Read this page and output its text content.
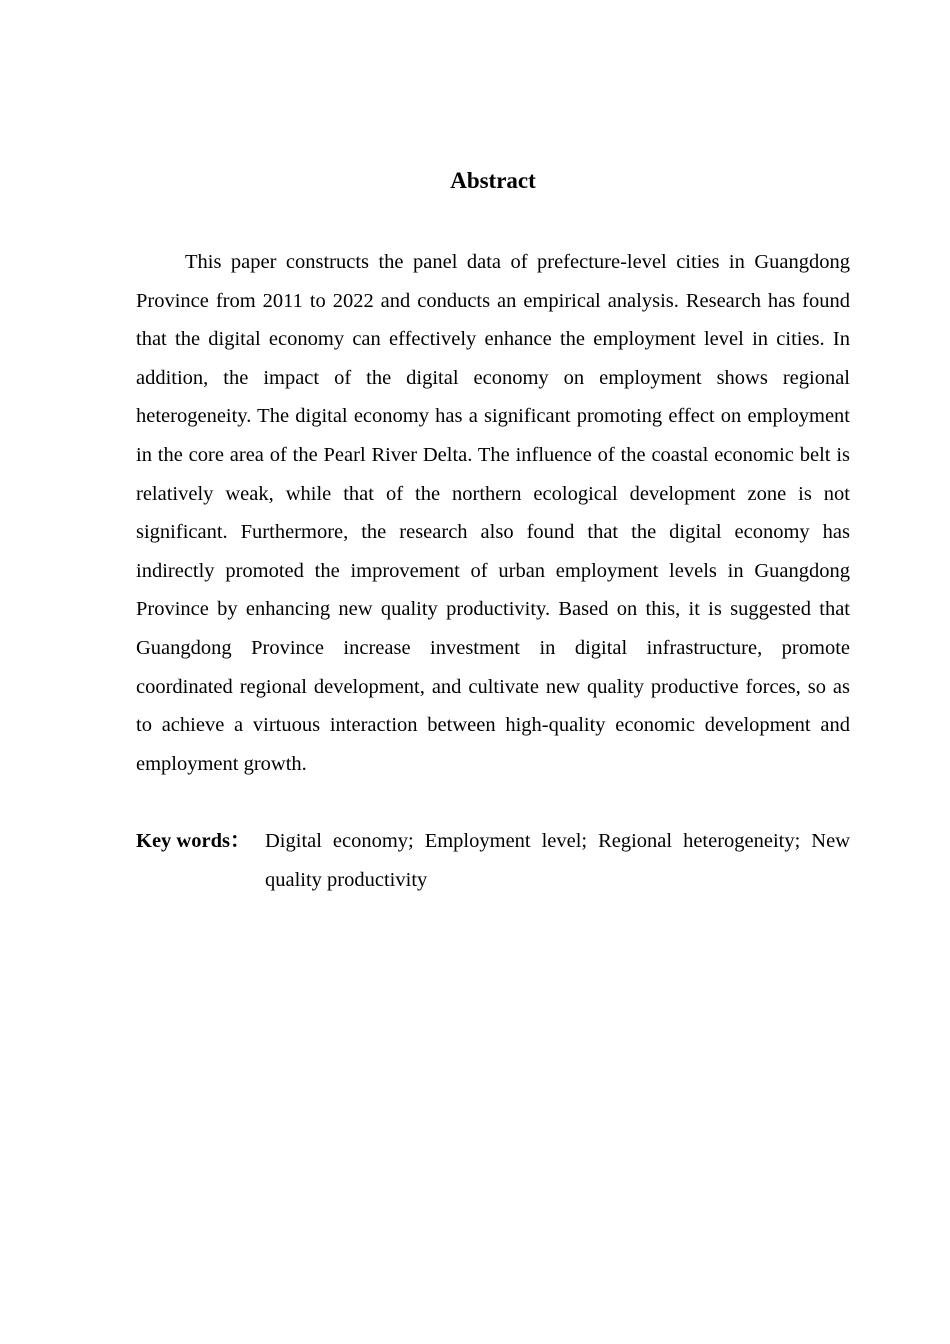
Abstract

This paper constructs the panel data of prefecture-level cities in Guangdong Province from 2011 to 2022 and conducts an empirical analysis. Research has found that the digital economy can effectively enhance the employment level in cities. In addition, the impact of the digital economy on employment shows regional heterogeneity. The digital economy has a significant promoting effect on employment in the core area of the Pearl River Delta. The influence of the coastal economic belt is relatively weak, while that of the northern ecological development zone is not significant. Furthermore, the research also found that the digital economy has indirectly promoted the improvement of urban employment levels in Guangdong Province by enhancing new quality productivity. Based on this, it is suggested that Guangdong Province increase investment in digital infrastructure, promote coordinated regional development, and cultivate new quality productive forces, so as to achieve a virtuous interaction between high-quality economic development and employment growth.

Key words： Digital economy; Employment level; Regional heterogeneity; New quality productivity
